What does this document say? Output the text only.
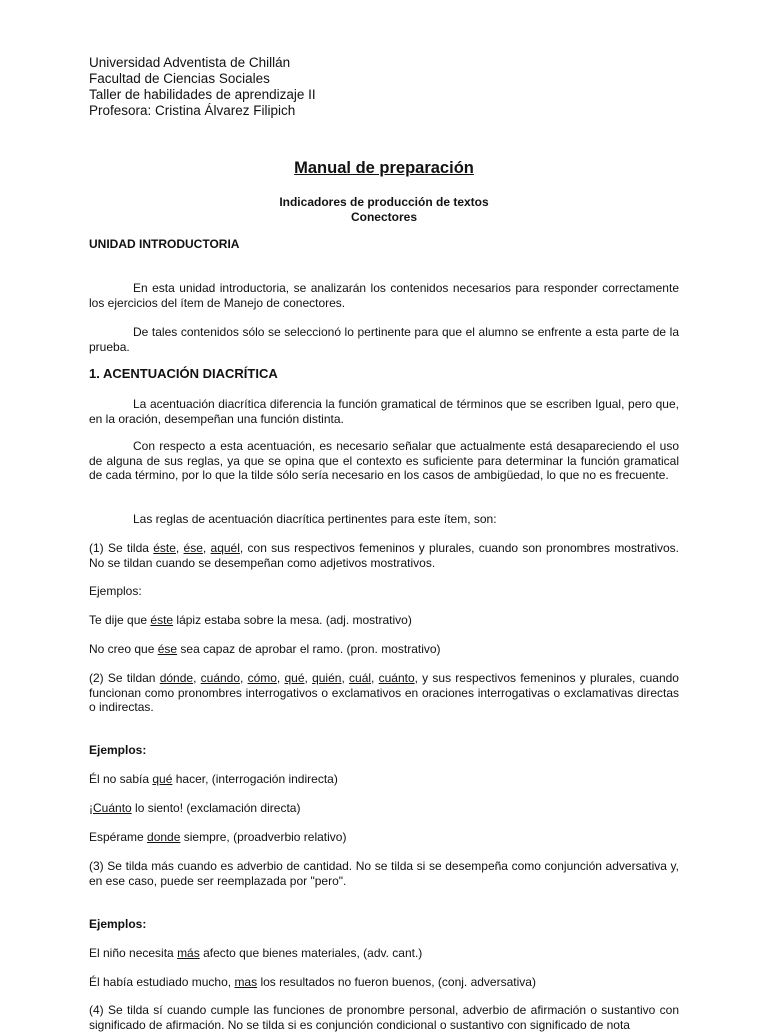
Universidad Adventista de Chillán

Facultad de Ciencias Sociales

Taller de habilidades de aprendizaje II

Profesora: Cristina Álvarez Filipich

Manual de preparación

Indicadores de producción de textos
Conectores

UNIDAD INTRODUCTORIA

En esta unidad introductoria, se analizarán los contenidos necesarios para responder correctamente los ejercicios del ítem de Manejo de conectores.

De tales contenidos sólo se seleccionó lo pertinente para que el alumno se enfrente a esta parte de la prueba.

1. ACENTUACIÓN DIACRÍTICA

La acentuación diacrítica diferencia la función gramatical de términos que se escriben Igual, pero que, en la oración, desempeñan una función distinta.

Con respecto a esta acentuación, es necesario señalar que actualmente está desapareciendo el uso de alguna de sus reglas, ya que se opina que el contexto es suficiente para determinar la función gramatical de cada término, por lo que la tilde sólo sería necesario en los casos de ambigüedad, lo que no es frecuente.

Las reglas de acentuación diacrítica pertinentes para este ítem, son:

(1) Se tilda éste, ése, aquél, con sus respectivos femeninos y plurales, cuando son pronombres mostrativos. No se tildan cuando se desempeñan como adjetivos mostrativos.

Ejemplos:

Te dije que éste lápiz estaba sobre la mesa. (adj. mostrativo)

No creo que ése sea capaz de aprobar el ramo. (pron. mostrativo)

(2) Se tildan dónde, cuándo, cómo, qué, quién, cuál, cuánto, y sus respectivos femeninos y plurales, cuando funcionan como pronombres interrogativos o exclamativos en oraciones interrogativas o exclamativas directas o indirectas.

Ejemplos:

Él no sabía qué hacer, (interrogación indirecta)

¡Cuánto lo siento! (exclamación directa)

Espérame donde siempre, (proadverbio relativo)

(3) Se tilda más cuando es adverbio de cantidad. No se tilda si se desempeña como conjunción adversativa y, en ese caso, puede ser reemplazada por "pero".

Ejemplos:

El niño necesita más afecto que bienes materiales, (adv. cant.)

Él había estudiado mucho, mas los resultados no fueron buenos, (conj. adversativa)

(4) Se tilda sí cuando cumple las funciones de pronombre personal, adverbio de afirmación o sustantivo con significado de afirmación. No se tilda si es conjunción condicional o sustantivo con significado de nota
